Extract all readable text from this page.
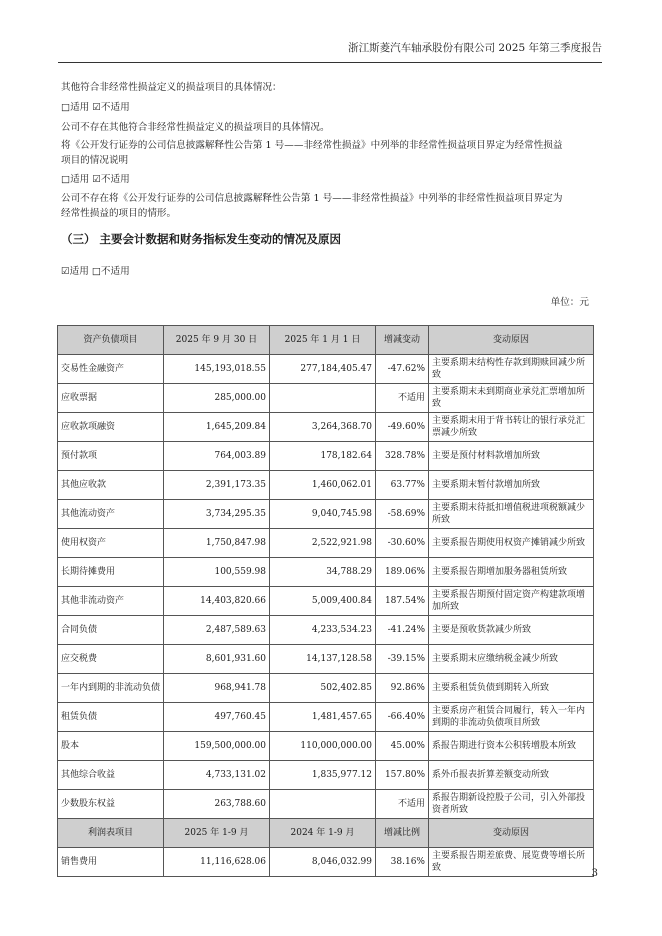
浙江斯菱汽车轴承股份有限公司 2025 年第三季度报告
其他符合非经常性损益定义的损益项目的具体情况：
□适用 ☑不适用
公司不存在其他符合非经常性损益定义的损益项目的具体情况。
将《公开发行证券的公司信息披露解释性公告第 1 号——非经常性损益》中列举的非经常性损益项目界定为经常性损益
项目的情况说明
□适用 ☑不适用
公司不存在将《公开发行证券的公司信息披露解释性公告第 1 号——非经常性损益》中列举的非经常性损益项目界定为
经常性损益的项目的情形。
（三） 主要会计数据和财务指标发生变动的情况及原因
☑适用 □不适用
单位：元
资产负债项目	2025 年 9 月 30 日	2025 年 1 月 1 日	增减变动	变动原因
交易性金融资产	145,193,018.55	277,184,405.47	-47.62%	主要系期末结构性存款到期赎回减少所致
应收票据	285,000.00		不适用	主要系期末未到期商业承兑汇票增加所致
应收款项融资	1,645,209.84	3,264,368.70	-49.60%	主要系期末用于背书转让的银行承兑汇票减少所致
预付款项	764,003.89	178,182.64	328.78%	主要是预付材料款增加所致
其他应收款	2,391,173.35	1,460,062.01	63.77%	主要系期末暂付款增加所致
其他流动资产	3,734,295.35	9,040,745.98	-58.69%	主要系期末待抵扣增值税进项税额减少所致
使用权资产	1,750,847.98	2,522,921.98	-30.60%	主要系报告期使用权资产摊销减少所致
长期待摊费用	100,559.98	34,788.29	189.06%	主要系报告期增加服务器租赁所致
其他非流动资产	14,403,820.66	5,009,400.84	187.54%	主要系报告期预付固定资产构建款项增加所致
合同负债	2,487,589.63	4,233,534.23	-41.24%	主要是预收货款减少所致
应交税费	8,601,931.60	14,137,128.58	-39.15%	主要系期末应缴纳税金减少所致
一年内到期的非流动负债	968,941.78	502,402.85	92.86%	主要系租赁负债到期转入所致
租赁负债	497,760.45	1,481,457.65	-66.40%	主要系房产租赁合同履行，转入一年内到期的非流动负债项目所致
股本	159,500,000.00	110,000,000.00	45.00%	系报告期进行资本公积转增股本所致
其他综合收益	4,733,131.02	1,835,977.12	157.80%	系外币报表折算差额变动所致
少数股东权益	263,788.60		不适用	系报告期新设控股子公司，引入外部投资者所致
利润表项目	2025 年 1-9 月	2024 年 1-9 月	增减比例	变动原因
销售费用	11,116,628.06	8,046,032.99	38.16%	主要系报告期差旅费、展览费等增长所致	3
